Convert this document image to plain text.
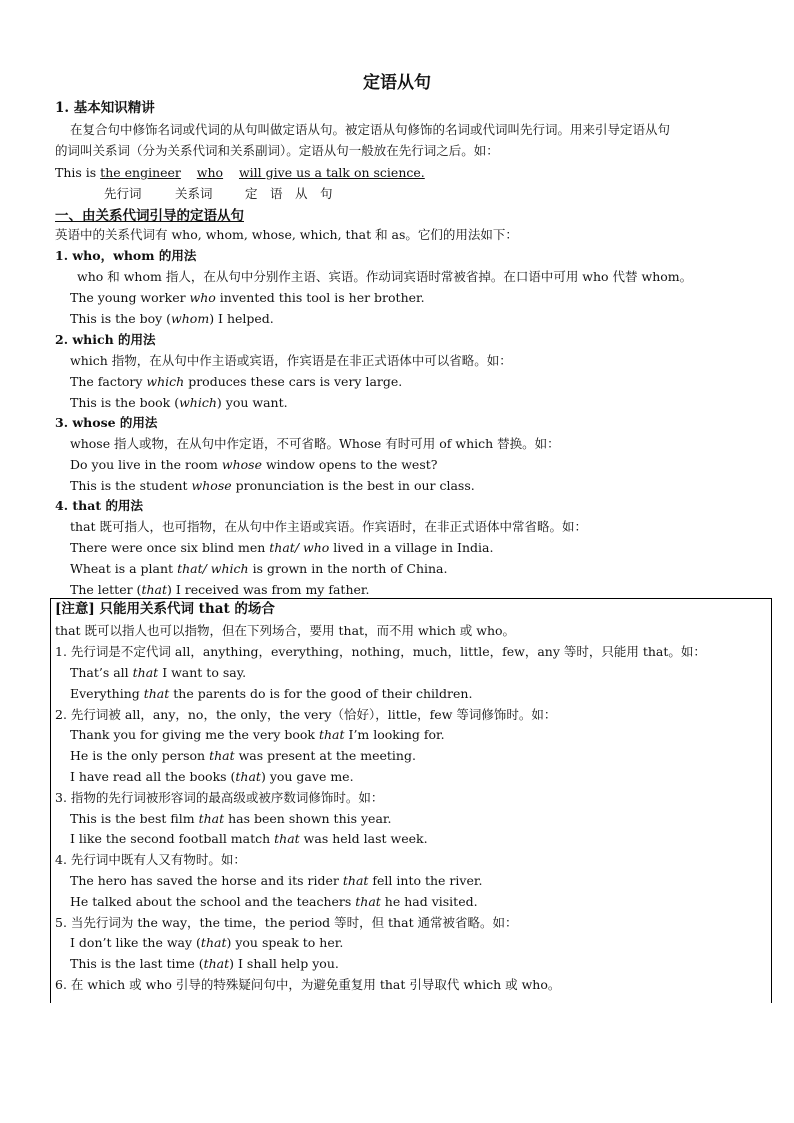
定语从句
1. 基本知识精讲
在复合句中修饰名词或代词的从句叫做定语从句。被定语从句修饰的名词或代词叫先行词。用来引导定语从句
的词叫关系词（分为关系代词和关系副词）。定语从句一般放在先行词之后。如：
This is the engineer who will give us a talk on science.
先行词	关系词	定　语　从　句
一、由关系代词引导的定语从句
英语中的关系代词有 who, whom, whose, which, that 和 as。它们的用法如下：
1. who，whom 的用法
who 和 whom 指人，在从句中分别作主语、宾语。作动词宾语时常被省掉。在口语中可用 who 代替 whom。
The young worker who invented this tool is her brother.
This is the boy (whom) I helped.
2. which 的用法
which 指物，在从句中作主语或宾语，作宾语是在非正式语体中可以省略。如：
The factory which produces these cars is very large.
This is the book (which) you want.
3. whose 的用法
whose 指人或物，在从句中作定语，不可省略。Whose 有时可用 of which 替换。如：
Do you live in the room whose window opens to the west?
This is the student whose pronunciation is the best in our class.
4. that 的用法
that 既可指人，也可指物，在从句中作主语或宾语。作宾语时，在非正式语体中常省略。如：
There were once six blind men that/ who lived in a village in India.
Wheat is a plant that/ which is grown in the north of China.
The letter (that) I received was from my father.
[注意] 只能用关系代词 that 的场合
that 既可以指人也可以指物，但在下列场合，要用 that，而不用 which 或 who。
1. 先行词是不定代词 all，anything，everything，nothing，much，little，few，any 等时，只能用 that。如：
That’s all that I want to say.
Everything that the parents do is for the good of their children.
2. 先行词被 all，any，no，the only，the very（恰好），little，few 等词修饰时。如：
Thank you for giving me the very book that I’m looking for.
He is the only person that was present at the meeting.
I have read all the books (that) you gave me.
3. 指物的先行词被形容词的最高级或被序数词修饰时。如：
This is the best film that has been shown this year.
I like the second football match that was held last week.
4. 先行词中既有人又有物时。如：
The hero has saved the horse and its rider that fell into the river.
He talked about the school and the teachers that he had visited.
5. 当先行词为 the way，the time，the period 等时，但 that 通常被省略。如：
I don’t like the way (that) you speak to her.
This is the last time (that) I shall help you.
6. 在 which 或 who 引导的特殊疑问句中，为避免重复用 that 引导取代 which 或 who。
